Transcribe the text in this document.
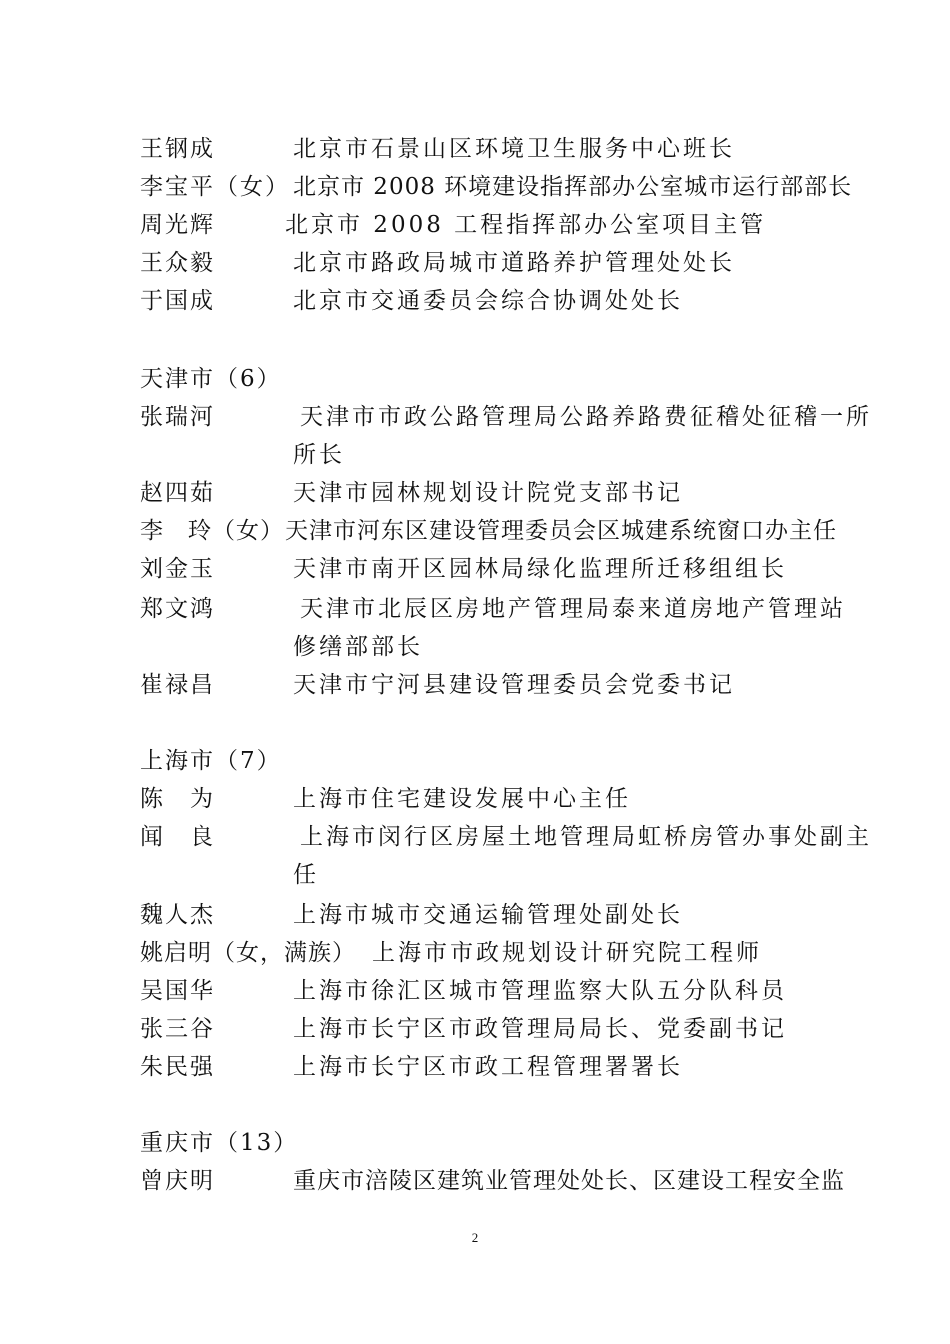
王钢成	北京市石景山区环境卫生服务中心班长
李宝平（女） 北京市 2008 环境建设指挥部办公室城市运行部部长
周光辉	北京市 2008 工程指挥部办公室项目主管
王众毅	北京市路政局城市道路养护管理处处长
于国成	北京市交通委员会综合协调处处长
天津市（6）
张瑞河	天津市市政公路管理局公路养路费征稽处征稽一所
所长
赵四茹	天津市园林规划设计院党支部书记
李　玲（女） 天津市河东区建设管理委员会区城建系统窗口办主任
刘金玉	天津市南开区园林局绿化监理所迁移组组长
郑文鸿	天津市北辰区房地产管理局泰来道房地产管理站
修缮部部长
崔禄昌	天津市宁河县建设管理委员会党委书记
上海市（7）
陈　为	上海市住宅建设发展中心主任
闻　良	上海市闵行区房屋土地管理局虹桥房管办事处副主
任
魏人杰	上海市城市交通运输管理处副处长
姚启明（女，满族） 上海市市政规划设计研究院工程师
吴国华	上海市徐汇区城市管理监察大队五分队科员
张三谷	上海市长宁区市政管理局局长、党委副书记
朱民强	上海市长宁区市政工程管理署署长
重庆市（13）
曾庆明	重庆市涪陵区建筑业管理处处长、区建设工程安全监
2
